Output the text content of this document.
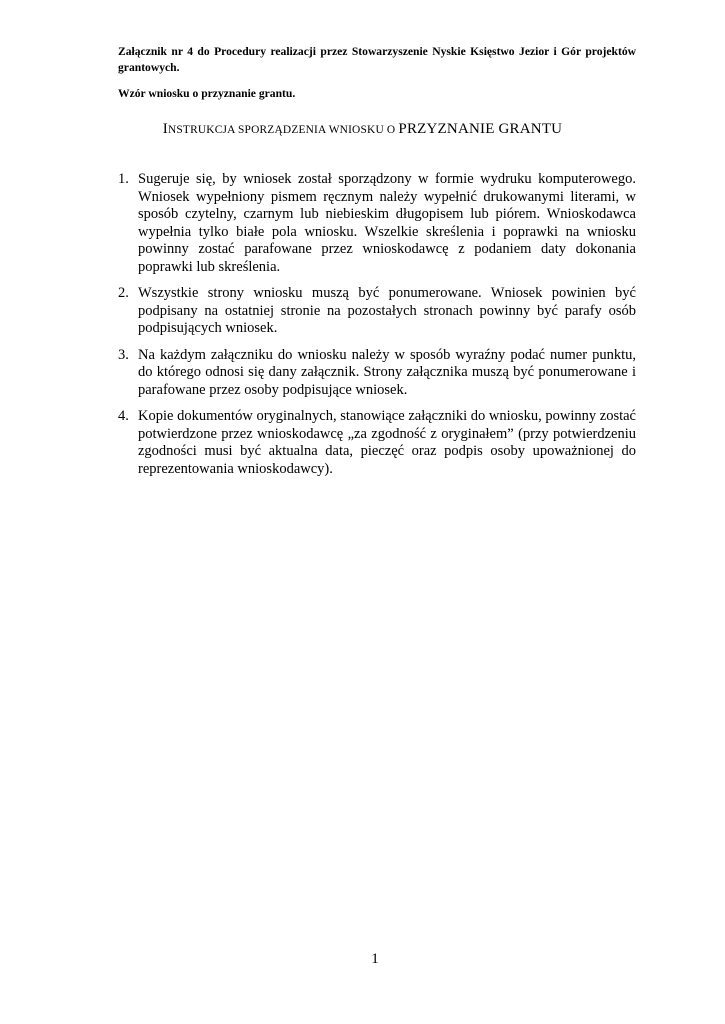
Załącznik nr 4 do Procedury realizacji przez Stowarzyszenie Nyskie Księstwo Jezior i Gór projektów grantowych.
Wzór wniosku o przyznanie grantu.
INSTRUKCJA SPORZĄDZENIA WNIOSKU O PRZYZNANIE GRANTU
1. Sugeruje się, by wniosek został sporządzony w formie wydruku komputerowego. Wniosek wypełniony pismem ręcznym należy wypełnić drukowanymi literami, w sposób czytelny, czarnym lub niebieskim długopisem lub piórem. Wnioskodawca wypełnia tylko białe pola wniosku. Wszelkie skreślenia i poprawki na wniosku powinny zostać parafowane przez wnioskodawcę z podaniem daty dokonania poprawki lub skreślenia.
2. Wszystkie strony wniosku muszą być ponumerowane. Wniosek powinien być podpisany na ostatniej stronie na pozostałych stronach powinny być parafy osób podpisujących wniosek.
3. Na każdym załączniku do wniosku należy w sposób wyraźny podać numer punktu, do którego odnosi się dany załącznik. Strony załącznika muszą być ponumerowane i parafowane przez osoby podpisujące wniosek.
4. Kopie dokumentów oryginalnych, stanowiące załączniki do wniosku, powinny zostać potwierdzone przez wnioskodawcę „za zgodność z oryginałem” (przy potwierdzeniu zgodności musi być aktualna data, pieczęć oraz podpis osoby upoważnionej do reprezentowania wnioskodawcy).
1
